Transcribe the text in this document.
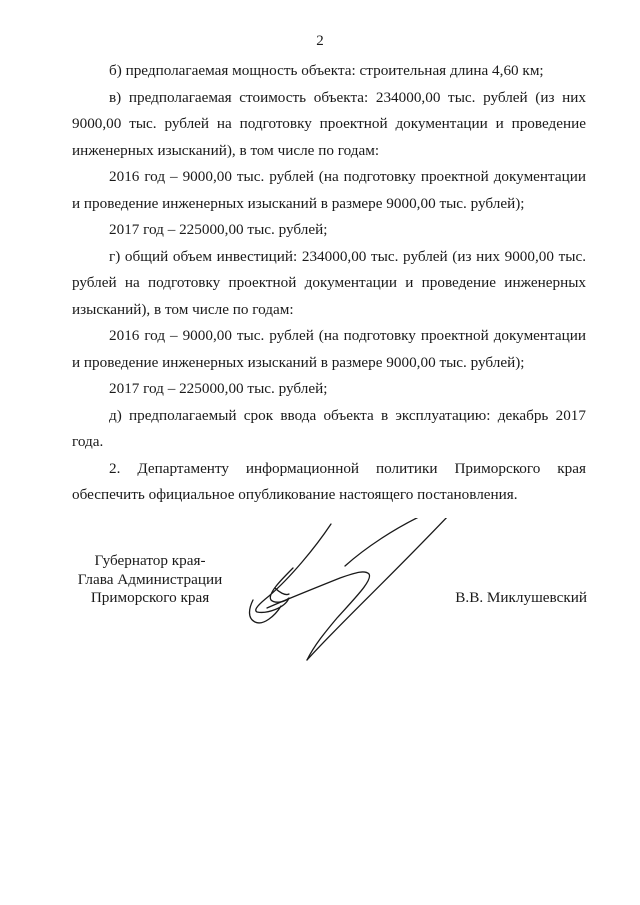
2

б) предполагаемая мощность объекта: строительная длина 4,60 км;

в) предполагаемая стоимость объекта: 234000,00 тыс. рублей (из них 9000,00 тыс. рублей на подготовку проектной документации и проведение инженерных изысканий), в том числе по годам:

2016 год – 9000,00 тыс. рублей (на подготовку проектной документации и проведение инженерных изысканий в размере 9000,00 тыс. рублей);

2017 год – 225000,00 тыс. рублей;

г) общий объем инвестиций: 234000,00 тыс. рублей (из них 9000,00 тыс. рублей на подготовку проектной документации и проведение инженерных изысканий), в том числе по годам:

2016 год – 9000,00 тыс. рублей (на подготовку проектной документации и проведение инженерных изысканий в размере 9000,00 тыс. рублей);

2017 год – 225000,00 тыс. рублей;

д) предполагаемый срок ввода объекта в эксплуатацию: декабрь 2017 года.

2. Департаменту информационной политики Приморского края обеспечить официальное опубликование настоящего постановления.

Губернатор края-
Глава Администрации
Приморского края	В.В. Миклушевский
